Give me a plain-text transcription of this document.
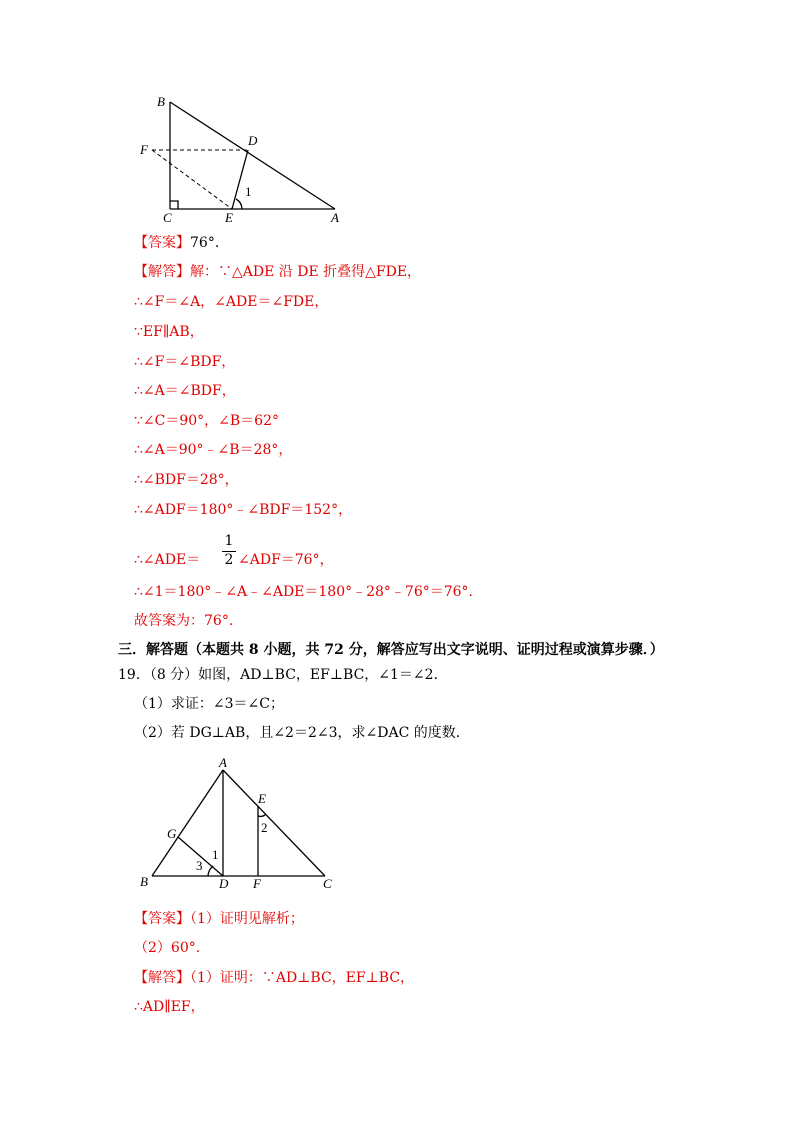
B
D
F
C	E	A
1
【答案】76°.
【解答】解：∵△ADE 沿 DE 折叠得△FDE，
∴∠F＝∠A，∠ADE＝∠FDE，
∵EF∥AB，
∴∠F＝∠BDF，
∴∠A＝∠BDF，
∵∠C＝90°，∠B＝62°
∴∠A＝90°﹣∠B＝28°，
∴∠BDF＝28°，
∴∠ADF＝180°﹣∠BDF＝152°，
∴∠ADE＝
1
2 ∠ADF＝76°，
∴∠1＝180°﹣∠A﹣∠ADE＝180°﹣28°﹣76°＝76°.
故答案为：76°.
三．解答题（本题共 8 小题，共 72 分，解答应写出文字说明、证明过程或演算步骤．）
19．（8 分）如图，AD⊥BC，EF⊥BC，∠1＝∠2．
（1）求证：∠3＝∠C；
（2）若 DG⊥AB，且∠2＝2∠3，求∠DAC 的度数．
A
E
G
B	D F	C
1
2
3
【答案】（1）证明见解析；
（2）60°.
【解答】（1）证明：∵AD⊥BC，EF⊥BC，
∴AD∥EF，
